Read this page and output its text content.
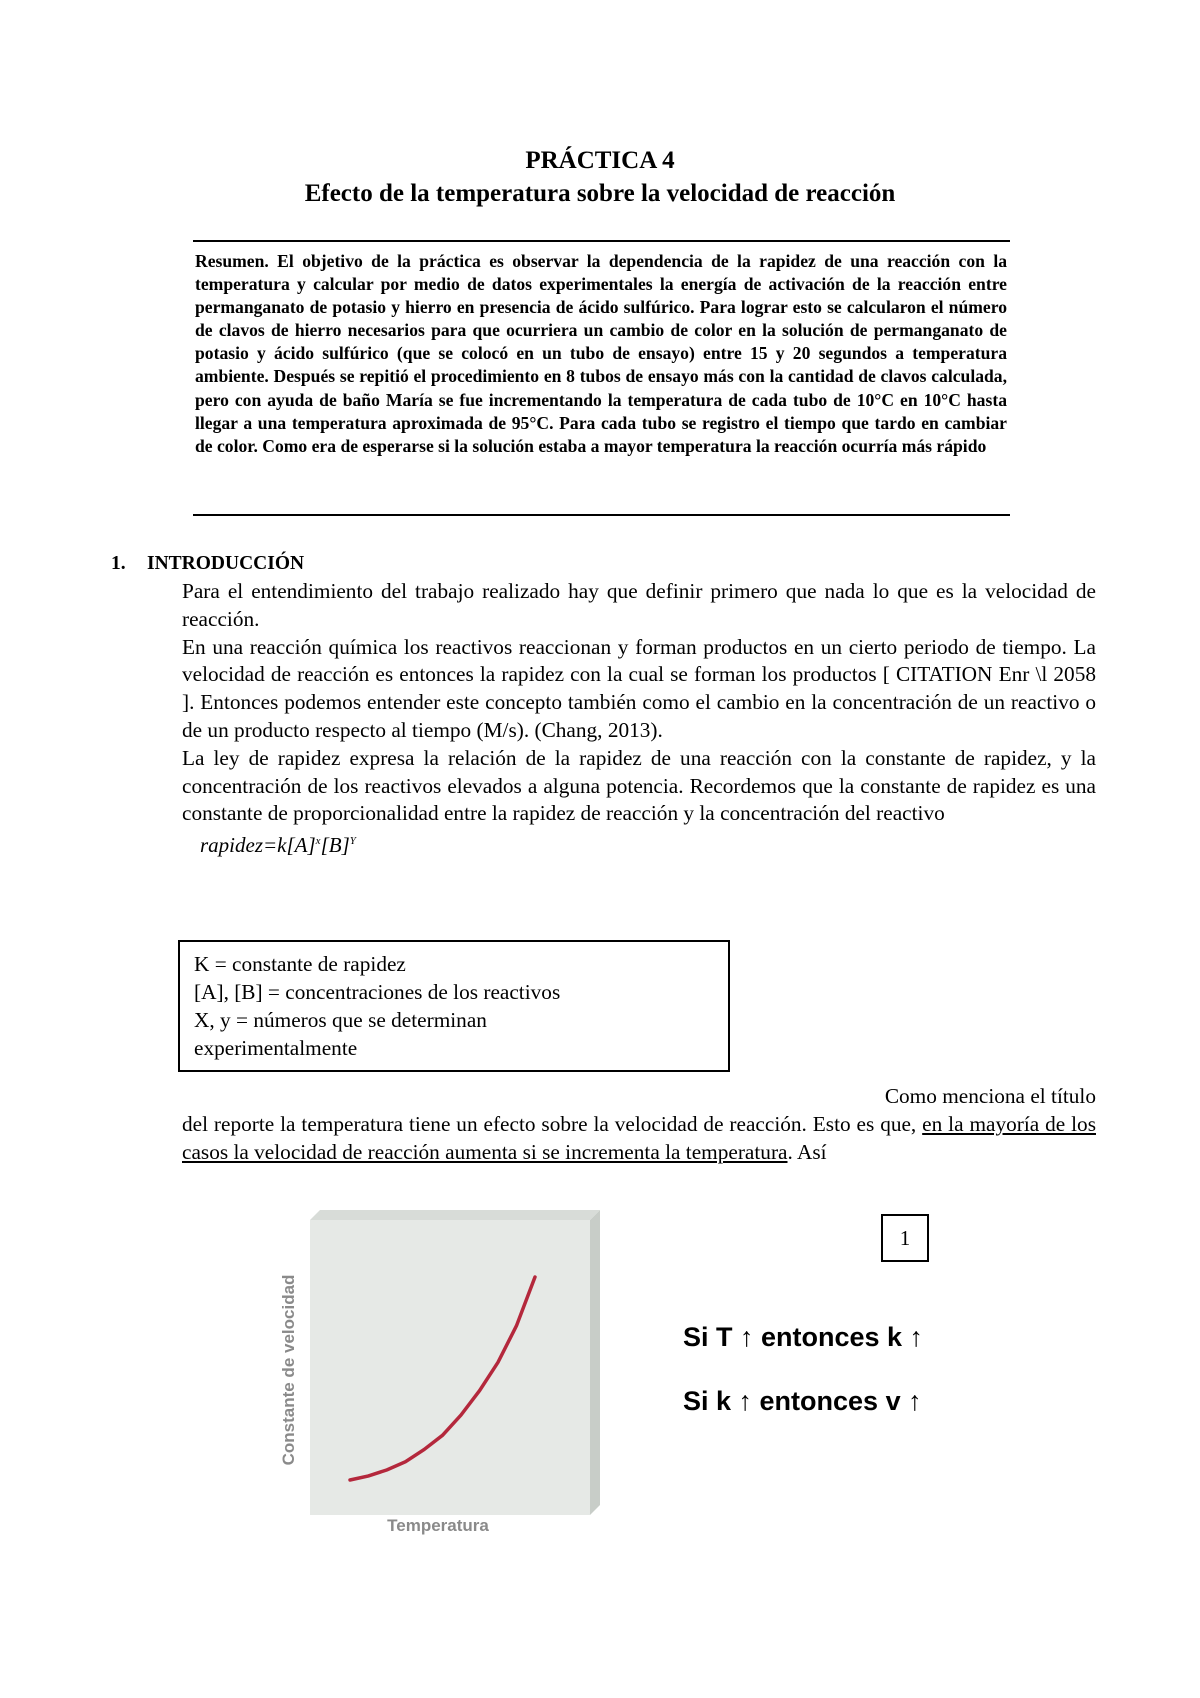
PRÁCTICA 4
Efecto de la temperatura sobre la velocidad de reacción
Resumen. El objetivo de la práctica es observar la dependencia de la rapidez de una reacción con la temperatura y calcular por medio de datos experimentales la energía de activación de la reacción entre permanganato de potasio y hierro en presencia de ácido sulfúrico. Para lograr esto se calcularon el número de clavos de hierro necesarios para que ocurriera un cambio de color en la solución de permanganato de potasio y ácido sulfúrico (que se colocó en un tubo de ensayo) entre 15 y 20 segundos a temperatura ambiente. Después se repitió el procedimiento en 8 tubos de ensayo más con la cantidad de clavos calculada, pero con ayuda de baño María se fue incrementando la temperatura de cada tubo de 10°C en 10°C hasta llegar a una temperatura aproximada de 95°C. Para cada tubo se registro el tiempo que tardo en cambiar de color. Como era de esperarse si la solución estaba a mayor temperatura la reacción ocurría más rápido
1. INTRODUCCIÓN

Para el entendimiento del trabajo realizado hay que definir primero que nada lo que es la velocidad de reacción.

En una reacción química los reactivos reaccionan y forman productos en un cierto periodo de tiempo. La velocidad de reacción es entonces la rapidez con la cual se forman los productos [ CITATION Enr \l 2058 ]. Entonces podemos entender este concepto también como el cambio en la concentración de un reactivo o de un producto respecto al tiempo (M/s). (Chang, 2013).

La ley de rapidez expresa la relación de la rapidez de una reacción con la constante de rapidez, y la concentración de los reactivos elevados a alguna potencia. Recordemos que la constante de rapidez es una constante de proporcionalidad entre la rapidez de reacción y la concentración del reactivo

$rapidez=k[A]^x[B]^Y$

K = constante de rapidez
[A], [B] = concentraciones de los reactivos
X, y = números que se determinan
experimentalmente
Como menciona el título
del reporte la temperatura tiene un efecto sobre la velocidad de reacción. Esto es que, en la mayoría de los casos la velocidad de reacción aumenta si se incrementa la temperatura. Así
Constante de velocidad
Temperatura
1
Si T ↑ entonces k ↑
Si k ↑ entonces v ↑
